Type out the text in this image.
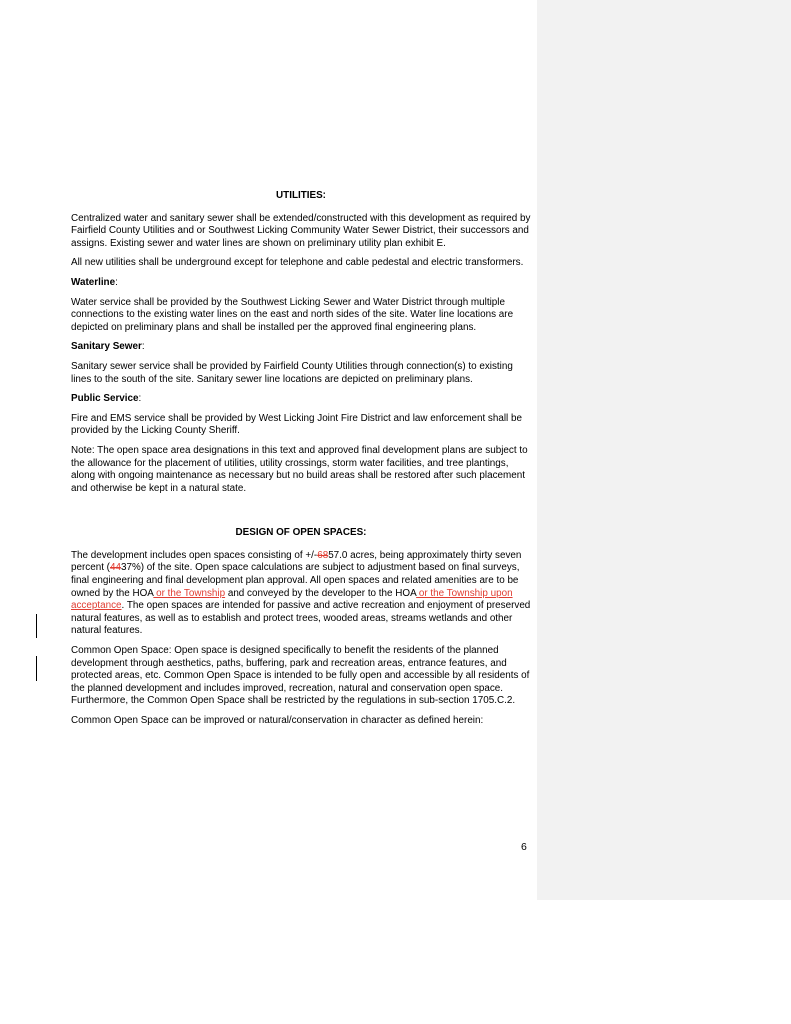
UTILITIES:

Centralized water and sanitary sewer shall be extended/constructed with this development as required by Fairfield County Utilities and or Southwest Licking Community Water Sewer District, their successors and assigns. Existing sewer and water lines are shown on preliminary utility plan exhibit E.

All new utilities shall be underground except for telephone and cable pedestal and electric transformers.

Waterline:

Water service shall be provided by the Southwest Licking Sewer and Water District through multiple connections to the existing water lines on the east and north sides of the site. Water line locations are depicted on preliminary plans and shall be installed per the approved final engineering plans.

Sanitary Sewer:

Sanitary sewer service shall be provided by Fairfield County Utilities through connection(s) to existing lines to the south of the site. Sanitary sewer line locations are depicted on preliminary plans.

Public Service:

Fire and EMS service shall be provided by West Licking Joint Fire District and law enforcement shall be provided by the Licking County Sheriff.

Note: The open space area designations in this text and approved final development plans are subject to the allowance for the placement of utilities, utility crossings, storm water facilities, and tree plantings, along with ongoing maintenance as necessary but no build areas shall be restored after such placement and otherwise be kept in a natural state.

DESIGN OF OPEN SPACES:

The development includes open spaces consisting of +/-6857.0 acres, being approximately thirty seven percent (4437%) of the site. Open space calculations are subject to adjustment based on final surveys, final engineering and final development plan approval. All open spaces and related amenities are to be owned by the HOA or the Township and conveyed by the developer to the HOA or the Township upon acceptance. The open spaces are intended for passive and active recreation and enjoyment of preserved natural features, as well as to establish and protect trees, wooded areas, streams wetlands and other natural features.

Common Open Space: Open space is designed specifically to benefit the residents of the planned development through aesthetics, paths, buffering, park and recreation areas, entrance features, and protected areas, etc. Common Open Space is intended to be fully open and accessible by all residents of the planned development and includes improved, recreation, natural and conservation open space. Furthermore, the Common Open Space shall be restricted by the regulations in sub-section 1705.C.2.

Common Open Space can be improved or natural/conservation in character as defined herein:

6
